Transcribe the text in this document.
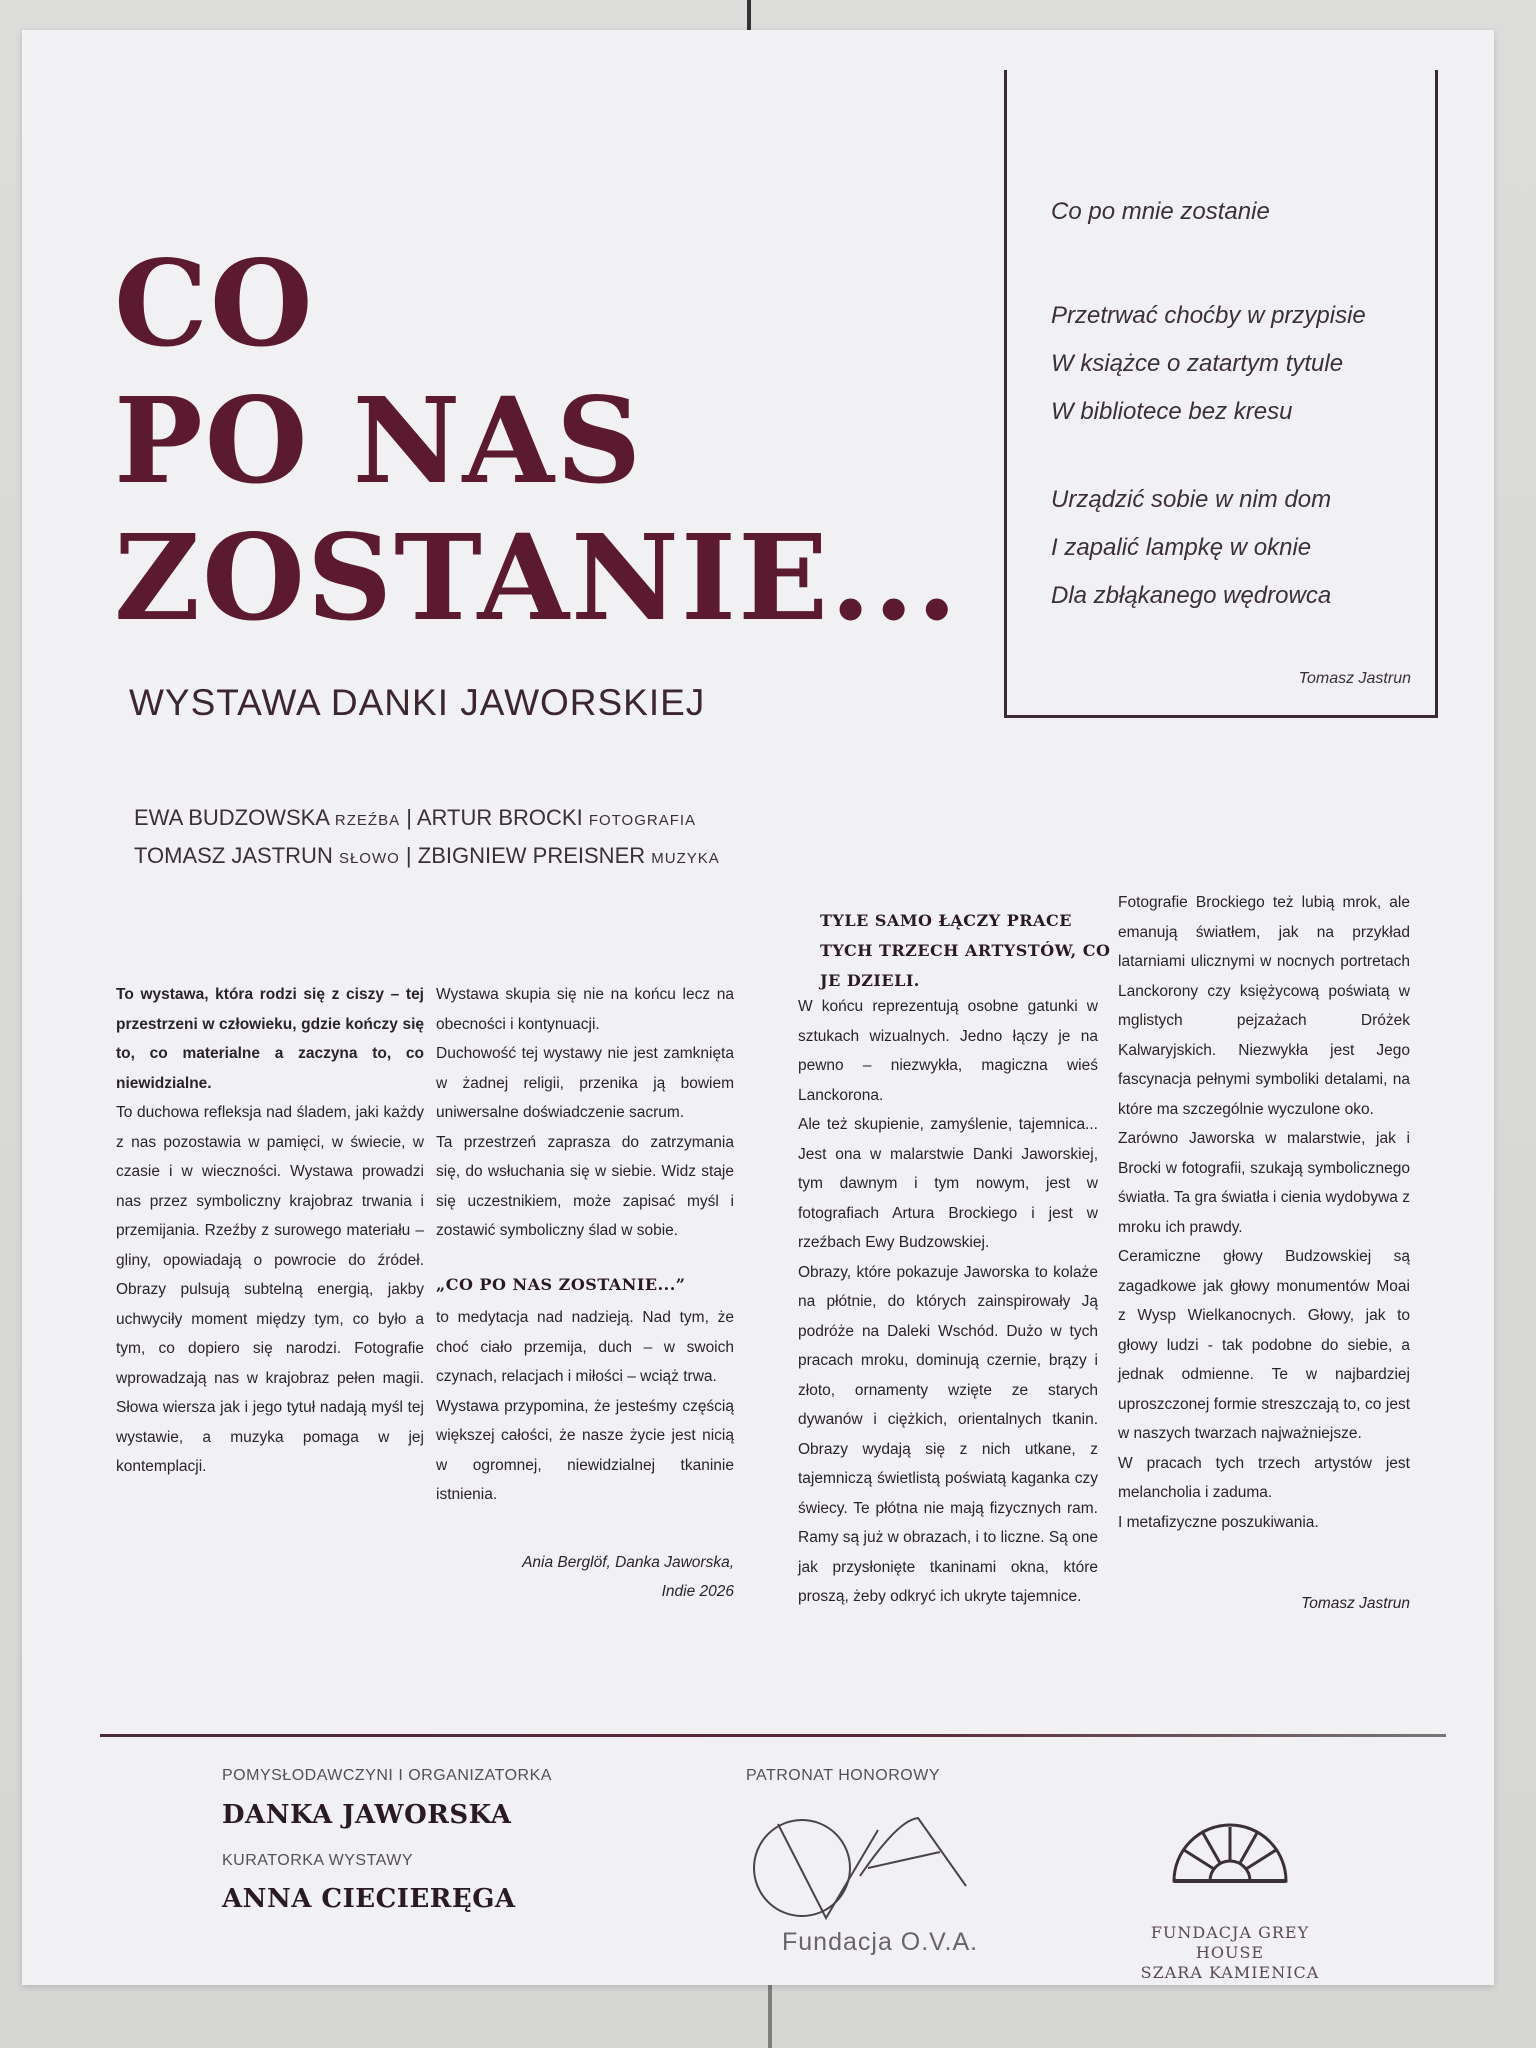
CO
PO NAS
ZOSTANIE...
WYSTAWA DANKI JAWORSKIEJ
EWA BUDZOWSKA RZEŹBA | ARTUR BROCKI FOTOGRAFIA
TOMASZ JASTRUN SŁOWO | ZBIGNIEW PREISNER MUZYKA
Co po mnie zostanie
Przetrwać choćby w przypisie
W książce o zatartym tytule
W bibliotece bez kresu
Urządzić sobie w nim dom
I zapalić lampkę w oknie
Dla zbłąkanego wędrowca
Tomasz Jastrun

To wystawa, która rodzi się z ciszy – tej przestrzeni w człowieku, gdzie kończy się to, co materialne a zaczyna to, co niewidzialne.

To duchowa refleksja nad śladem, jaki każdy z nas pozostawia w pamięci, w świecie, w czasie i w wieczności. Wystawa prowadzi nas przez symboliczny krajobraz trwania i przemijania. Rzeźby z surowego materiału – gliny, opowiadają o powrocie do źródeł. Obrazy pulsują subtelną energią, jakby uchwyciły moment między tym, co było a tym, co dopiero się narodzi. Fotografie wprowadzają nas w krajobraz pełen magii. Słowa wiersza jak i jego tytuł nadają myśl tej wystawie, a muzyka pomaga w jej kontemplacji.

Wystawa skupia się nie na końcu lecz na obecności i kontynuacji.

Duchowość tej wystawy nie jest zamknięta w żadnej religii, przenika ją bowiem uniwersalne doświadczenie sacrum.

Ta przestrzeń zaprasza do zatrzymania się, do wsłuchania się w siebie. Widz staje się uczestnikiem, może zapisać myśl i zostawić symboliczny ślad w sobie.

„CO PO NAS ZOSTANIE...”

to medytacja nad nadzieją. Nad tym, że choć ciało przemija, duch – w swoich czynach, relacjach i miłości – wciąż trwa.

Wystawa przypomina, że jesteśmy częścią większej całości, że nasze życie jest nicią w ogromnej, niewidzialnej tkaninie istnienia.

Ania Berglöf, Danka Jaworska,

Indie 2026

TYLE SAMO ŁĄCZY PRACE TYCH TRZECH ARTYSTÓW, CO JE DZIELI.

W końcu reprezentują osobne gatunki w sztukach wizualnych. Jedno łączy je na pewno – niezwykła, magiczna wieś Lanckorona.

Ale też skupienie, zamyślenie, tajemnica... Jest ona w malarstwie Danki Jaworskiej, tym dawnym i tym nowym, jest w fotografiach Artura Brockiego i jest w rzeźbach Ewy Budzowskiej.

Obrazy, które pokazuje Jaworska to kolaże na płótnie, do których zainspirowały Ją podróże na Daleki Wschód. Dużo w tych pracach mroku, dominują czernie, brązy i złoto, ornamenty wzięte ze starych dywanów i ciężkich, orientalnych tkanin. Obrazy wydają się z nich utkane, z tajemniczą świetlistą poświatą kaganka czy świecy. Te płótna nie mają fizycznych ram. Ramy są już w obrazach, i to liczne. Są one jak przysłonięte tkaninami okna, które proszą, żeby odkryć ich ukryte tajemnice.

Fotografie Brockiego też lubią mrok, ale emanują światłem, jak na przykład latarniami ulicznymi w nocnych portretach Lanckorony czy księżycową poświatą w mglistych pejzażach Dróżek Kalwaryjskich. Niezwykła jest Jego fascynacja pełnymi symboliki detalami, na które ma szczególnie wyczulone oko.

Zarówno Jaworska w malarstwie, jak i Brocki w fotografii, szukają symbolicznego światła. Ta gra światła i cienia wydobywa z mroku ich prawdy.

Ceramiczne głowy Budzowskiej są zagadkowe jak głowy monumentów Moai z Wysp Wielkanocnych. Głowy, jak to głowy ludzi - tak podobne do siebie, a jednak odmienne. Te w najbardziej uproszczonej formie streszczają to, co jest w naszych twarzach najważniejsze.

W pracach tych trzech artystów jest melancholia i zaduma.

I metafizyczne poszukiwania.

Tomasz Jastrun

POMYSŁODAWCZYNI I ORGANIZATORKA
DANKA JAWORSKA
KURATORKA WYSTAWY
ANNA CIECIERĘGA
PATRONAT HONOROWY
Fundacja O.V.A.	FUNDACJA GREY HOUSE
SZARA KAMIENICA
